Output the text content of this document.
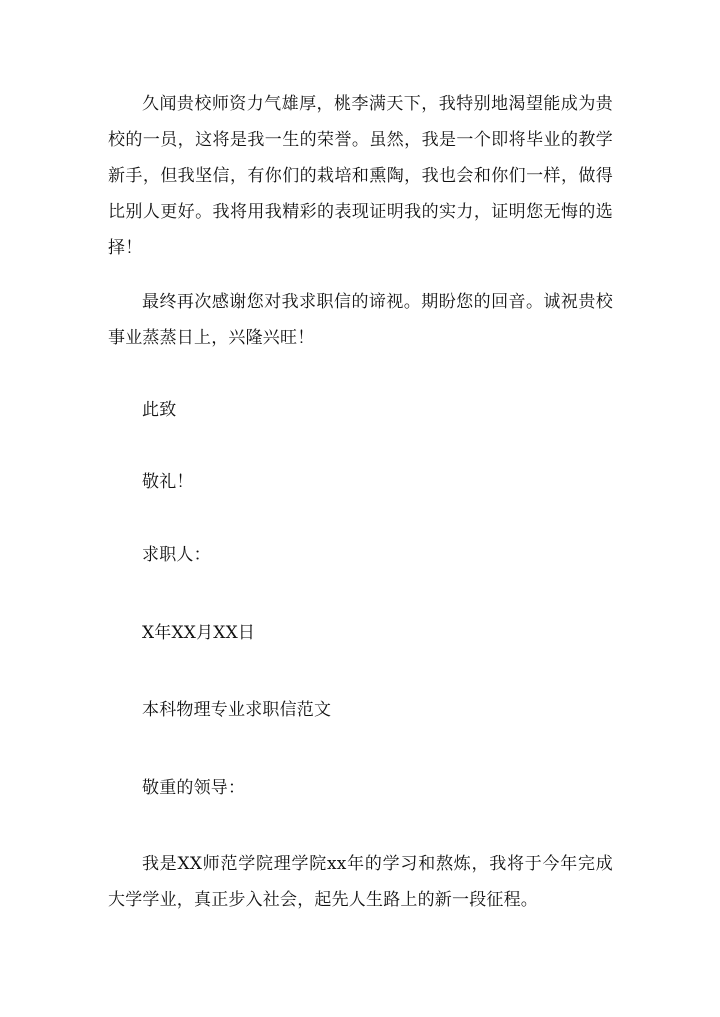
久闻贵校师资力气雄厚，桃李满天下，我特别地渴望能成为贵校的一员，这将是我一生的荣誉。虽然，我是一个即将毕业的教学新手，但我坚信，有你们的栽培和熏陶，我也会和你们一样，做得比别人更好。我将用我精彩的表现证明我的实力，证明您无悔的选择！

最终再次感谢您对我求职信的谛视。期盼您的回音。诚祝贵校事业蒸蒸日上，兴隆兴旺！

此致

敬礼！

求职人：

X年XX月XX日

本科物理专业求职信范文

敬重的领导：

我是XX师范学院理学院xx年的学习和熬炼，我将于今年完成大学学业，真正步入社会，起先人生路上的新一段征程。
